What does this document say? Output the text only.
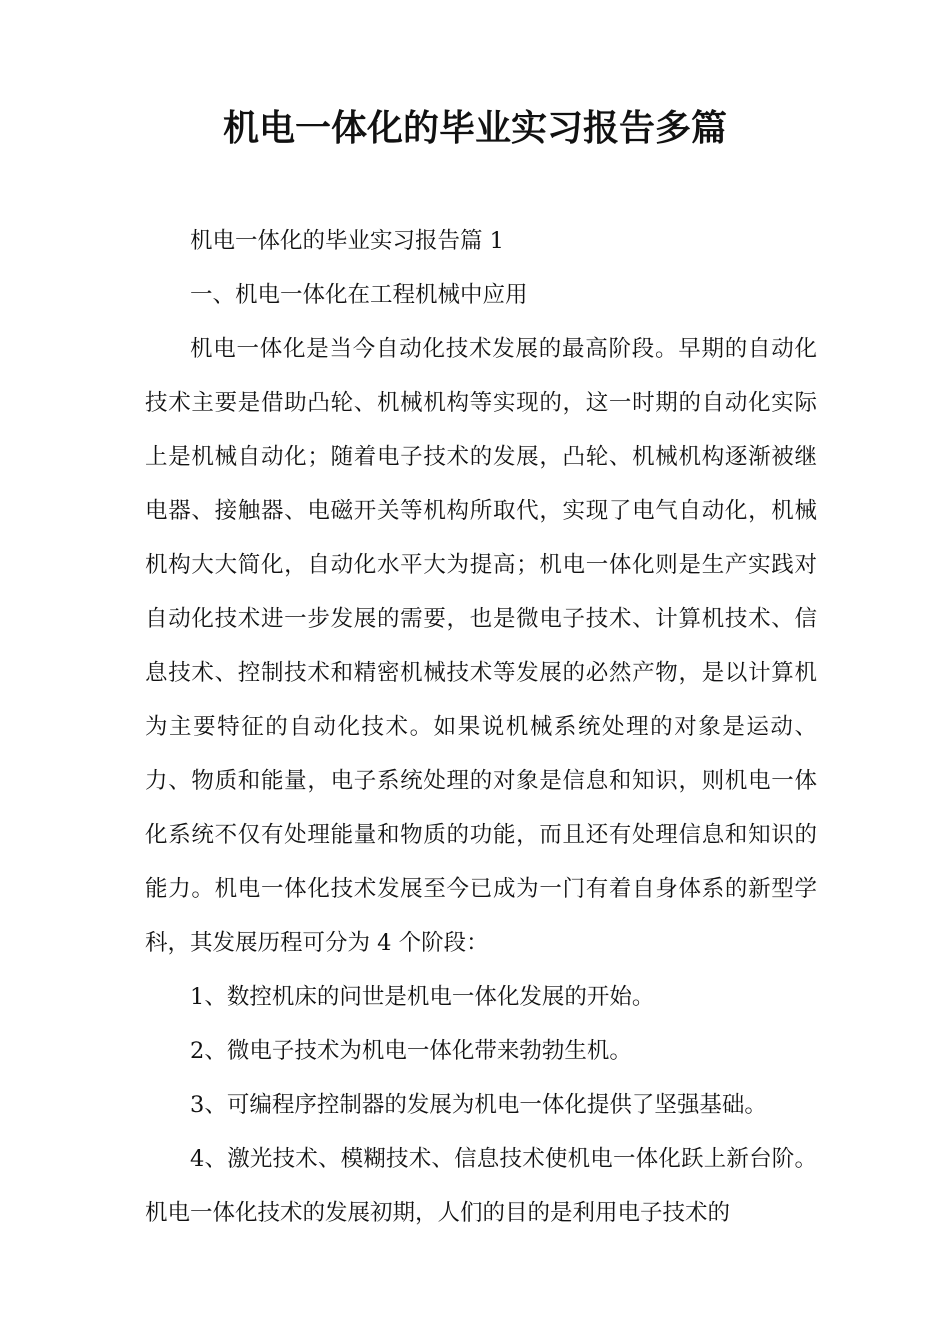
机电一体化的毕业实习报告多篇

机电一体化的毕业实习报告篇 1

一、机电一体化在工程机械中应用

机电一体化是当今自动化技术发展的最高阶段。早期的自动化技术主要是借助凸轮、机械机构等实现的，这一时期的自动化实际上是机械自动化；随着电子技术的发展，凸轮、机械机构逐渐被继电器、接触器、电磁开关等机构所取代，实现了电气自动化，机械机构大大简化，自动化水平大为提高；机电一体化则是生产实践对自动化技术进一步发展的需要，也是微电子技术、计算机技术、信息技术、控制技术和精密机械技术等发展的必然产物，是以计算机为主要特征的自动化技术。如果说机械系统处理的对象是运动、力、物质和能量，电子系统处理的对象是信息和知识，则机电一体化系统不仅有处理能量和物质的功能，而且还有处理信息和知识的能力。机电一体化技术发展至今已成为一门有着自身体系的新型学科，其发展历程可分为 4 个阶段：

1、数控机床的问世是机电一体化发展的开始。

2、微电子技术为机电一体化带来勃勃生机。

3、可编程序控制器的发展为机电一体化提供了坚强基础。

4、激光技术、模糊技术、信息技术使机电一体化跃上新台阶。机电一体化技术的发展初期，人们的目的是利用电子技术的
